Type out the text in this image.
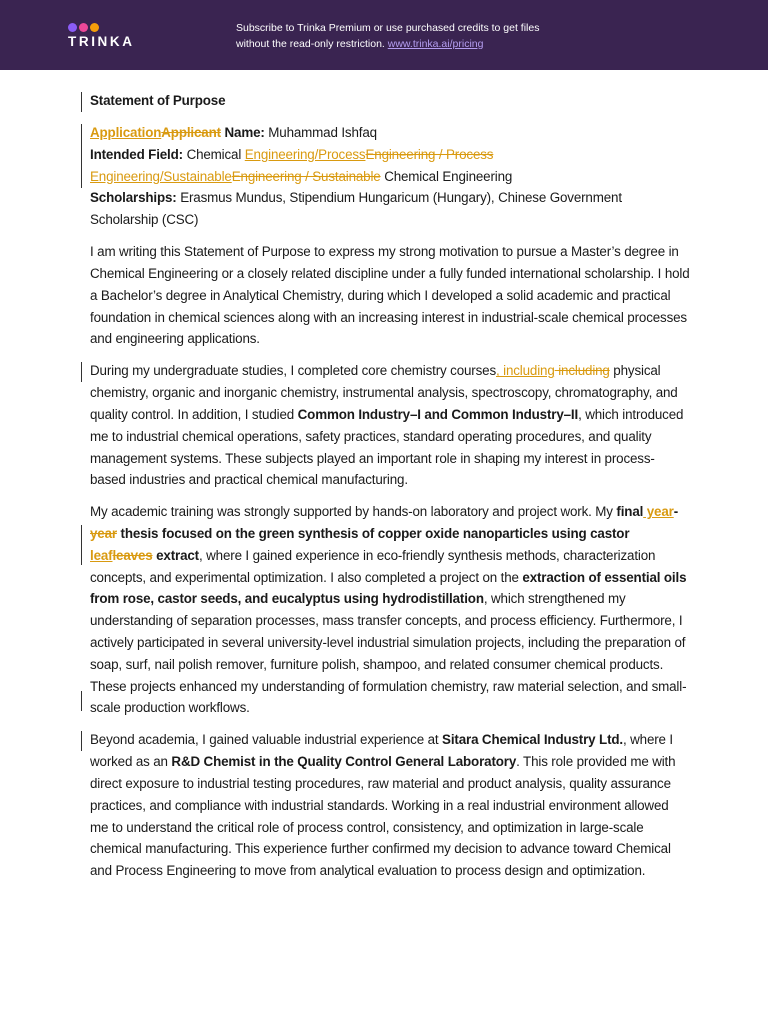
TRINKA
Subscribe to Trinka Premium or use purchased credits to get files without the read-only restriction. www.trinka.ai/pricing

Statement of Purpose

ApplicationApplicant Name: Muhammad Ishfaq
Intended Field: Chemical Engineering/ProcessEngineering / Process Engineering/SustainableEngineering / Sustainable Chemical Engineering
Scholarships: Erasmus Mundus, Stipendium Hungaricum (Hungary), Chinese Government Scholarship (CSC)

I am writing this Statement of Purpose to express my strong motivation to pursue a Master’s degree in Chemical Engineering or a closely related discipline under a fully funded international scholarship. I hold a Bachelor’s degree in Analytical Chemistry, during which I developed a solid academic and practical foundation in chemical sciences along with an increasing interest in industrial-scale chemical processes and engineering applications.

During my undergraduate studies, I completed core chemistry courses, including including physical chemistry, organic and inorganic chemistry, instrumental analysis, spectroscopy, chromatography, and quality control. In addition, I studied Common Industry–I and Common Industry–II, which introduced me to industrial chemical operations, safety practices, standard operating procedures, and quality management systems. These subjects played an important role in shaping my interest in process-based industries and practical chemical manufacturing.

My academic training was strongly supported by hands-on laboratory and project work. My final year-year thesis focused on the green synthesis of copper oxide nanoparticles using castor leafleaves extract, where I gained experience in eco-friendly synthesis methods, characterization concepts, and experimental optimization. I also completed a project on the extraction of essential oils from rose, castor seeds, and eucalyptus using hydrodistillation, which strengthened my understanding of separation processes, mass transfer concepts, and process efficiency. Furthermore, I actively participated in several university-level industrial simulation projects, including the preparation of soap, surf, nail polish remover, furniture polish, shampoo, and related consumer chemical products. These projects enhanced my understanding of formulation chemistry, raw material selection, and small-scale production workflows.

Beyond academia, I gained valuable industrial experience at Sitara Chemical Industry Ltd., where I worked as an R&D Chemist in the Quality Control General Laboratory. This role provided me with direct exposure to industrial testing procedures, raw material and product analysis, quality assurance practices, and compliance with industrial standards. Working in a real industrial environment allowed me to understand the critical role of process control, consistency, and optimization in large-scale chemical manufacturing. This experience further confirmed my decision to advance toward Chemical and Process Engineering to move from analytical evaluation to process design and optimization.
